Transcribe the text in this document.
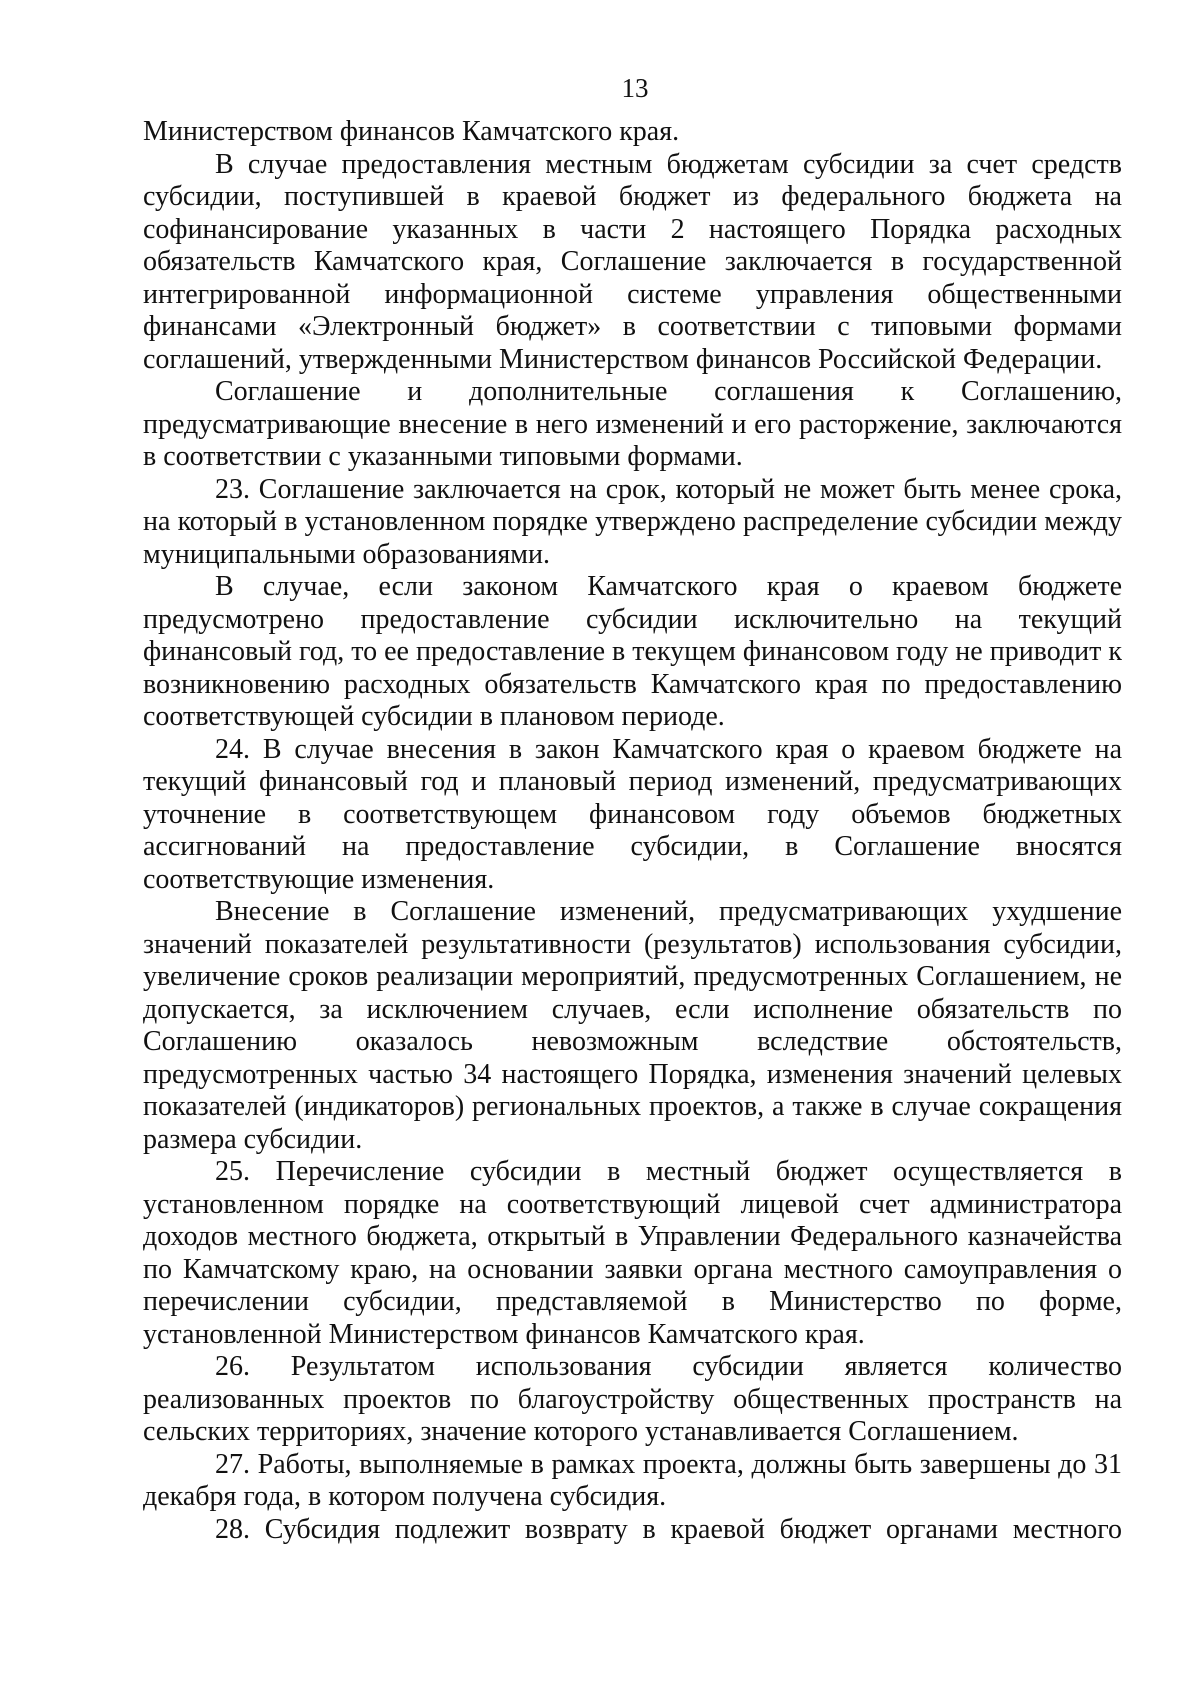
13

Министерством финансов Камчатского края.

В случае предоставления местным бюджетам субсидии за счет средств субсидии, поступившей в краевой бюджет из федерального бюджета на софинансирование указанных в части 2 настоящего Порядка расходных обязательств Камчатского края, Соглашение заключается в государственной интегрированной информационной системе управления общественными финансами «Электронный бюджет» в соответствии с типовыми формами соглашений, утвержденными Министерством финансов Российской Федерации.

Соглашение и дополнительные соглашения к Соглашению, предусматривающие внесение в него изменений и его расторжение, заключаются в соответствии с указанными типовыми формами.

23. Соглашение заключается на срок, который не может быть менее срока, на который в установленном порядке утверждено распределение субсидии между муниципальными образованиями.

В случае, если законом Камчатского края о краевом бюджете предусмотрено предоставление субсидии исключительно на текущий финансовый год, то ее предоставление в текущем финансовом году не приводит к возникновению расходных обязательств Камчатского края по предоставлению соответствующей субсидии в плановом периоде.

24. В случае внесения в закон Камчатского края о краевом бюджете на текущий финансовый год и плановый период изменений, предусматривающих уточнение в соответствующем финансовом году объемов бюджетных ассигнований на предоставление субсидии, в Соглашение вносятся соответствующие изменения.

Внесение в Соглашение изменений, предусматривающих ухудшение значений показателей результативности (результатов) использования субсидии, увеличение сроков реализации мероприятий, предусмотренных Соглашением, не допускается, за исключением случаев, если исполнение обязательств по Соглашению оказалось невозможным вследствие обстоятельств, предусмотренных частью 34 настоящего Порядка, изменения значений целевых показателей (индикаторов) региональных проектов, а также в случае сокращения размера субсидии.

25. Перечисление субсидии в местный бюджет осуществляется в установленном порядке на соответствующий лицевой счет администратора доходов местного бюджета, открытый в Управлении Федерального казначейства по Камчатскому краю, на основании заявки органа местного самоуправления о перечислении субсидии, представляемой в Министерство по форме, установленной Министерством финансов Камчатского края.

26. Результатом использования субсидии является количество реализованных проектов по благоустройству общественных пространств на сельских территориях, значение которого устанавливается Соглашением.

27. Работы, выполняемые в рамках проекта, должны быть завершены до 31 декабря года, в котором получена субсидия.

28. Субсидия подлежит возврату в краевой бюджет органами местного
